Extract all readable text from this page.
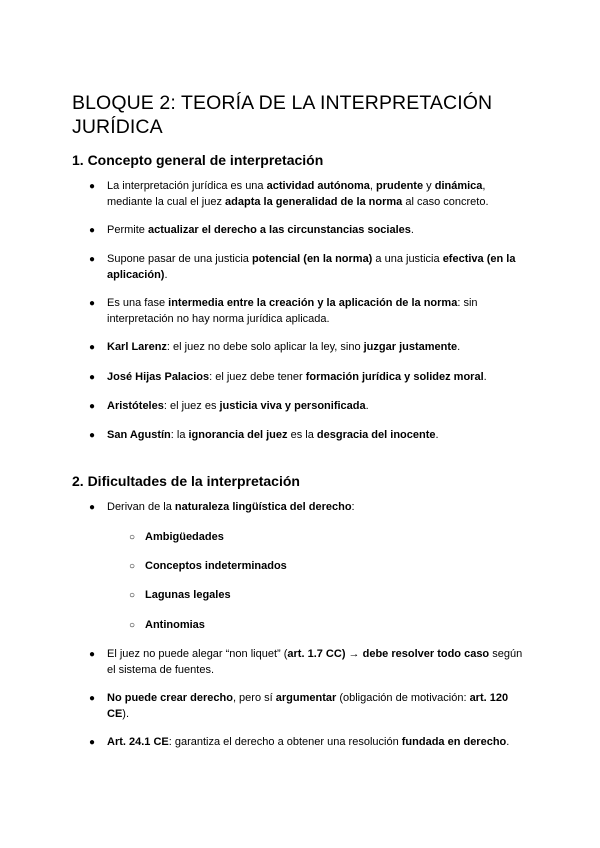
BLOQUE 2: TEORÍA DE LA INTERPRETACIÓN JURÍDICA
1. Concepto general de interpretación
● La interpretación jurídica es una actividad autónoma, prudente y dinámica, mediante la cual el juez adapta la generalidad de la norma al caso concreto.
● Permite actualizar el derecho a las circunstancias sociales.
● Supone pasar de una justicia potencial (en la norma) a una justicia efectiva (en la aplicación).
● Es una fase intermedia entre la creación y la aplicación de la norma: sin interpretación no hay norma jurídica aplicada.
● Karl Larenz: el juez no debe solo aplicar la ley, sino juzgar justamente.
● José Hijas Palacios: el juez debe tener formación jurídica y solidez moral.
● Aristóteles: el juez es justicia viva y personificada.
● San Agustín: la ignorancia del juez es la desgracia del inocente.
2. Dificultades de la interpretación
● Derivan de la naturaleza lingüística del derecho:
○ Ambigüedades
○ Conceptos indeterminados
○ Lagunas legales
○ Antinomias
● El juez no puede alegar “non liquet” (art. 1.7 CC) → debe resolver todo caso según el sistema de fuentes.
● No puede crear derecho, pero sí argumentar (obligación de motivación: art. 120 CE).
● Art. 24.1 CE: garantiza el derecho a obtener una resolución fundada en derecho.
